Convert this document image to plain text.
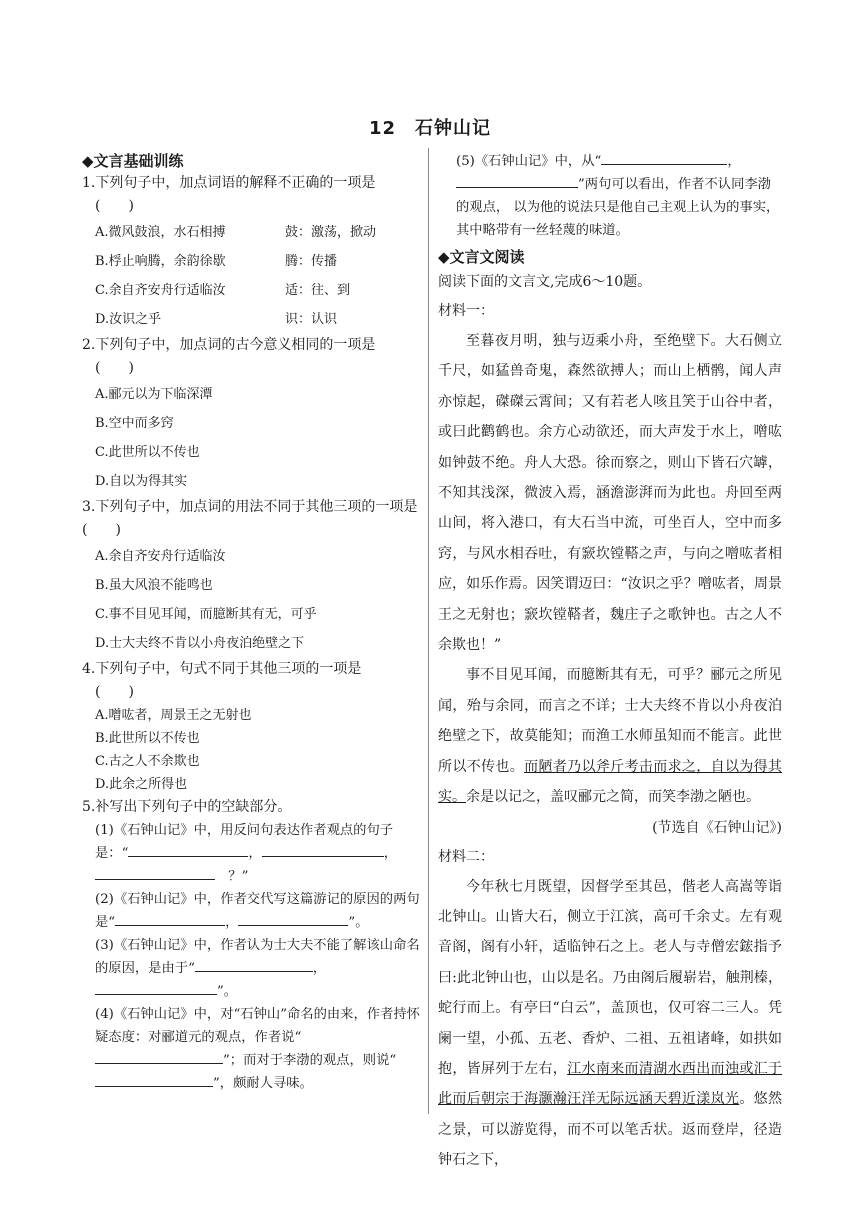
12　石钟山记

◆文言基础训练

1.下列句子中，加点词语的解释不正确的一项是

(　　)

A.微风鼓浪，水石相搏	鼓：激荡，掀动

B.桴止响腾，余韵徐歇	腾：传播

C.余自齐安舟行适临汝	适：往、到

D.汝识之乎	识：认识

2.下列句子中，加点词的古今意义相同的一项是

(　　)

A.郦元以为下临深潭

B.空中而多窍

C.此世所以不传也

D.自以为得其实

3.下列句子中，加点词的用法不同于其他三项的一项是(　　)

A.余自齐安舟行适临汝

B.虽大风浪不能鸣也

C.事不目见耳闻，而臆断其有无，可乎

D.士大夫终不肯以小舟夜泊绝壁之下

4.下列句子中，句式不同于其他三项的一项是

(　　)

A.噌吰者，周景王之无射也

B.此世所以不传也

C.古之人不余欺也

D.此余之所得也

5.补写出下列句子中的空缺部分。

(1)《石钟山记》中，用反问句表达作者观点的句子是：“	，	，　？”

(2)《石钟山记》中，作者交代写这篇游记的原因的两句是“	，	”。

(3)《石钟山记》中，作者认为士大夫不能了解该山命名的原因，是由于“	，”。

(4)《石钟山记》中，对“石钟山”命名的由来，作者持怀疑态度：对郦道元的观点，作者说“”；而对于李渤的观点，则说“”，颇耐人寻味。

(5)《石钟山记》中，从“	，”两句可以看出，作者不认同李渤的观点， 以为他的说法只是他自己主观上认为的事实，其中略带有一丝轻蔑的味道。

◆文言文阅读

阅读下面的文言文,完成6～10题。

材料一：

至暮夜月明，独与迈乘小舟，至绝壁下。大石侧立千尺，如猛兽奇鬼，森然欲搏人；而山上栖鹘，闻人声亦惊起，磔磔云霄间；又有若老人咳且笑于山谷中者，或曰此鹳鹤也。余方心动欲还，而大声发于水上，噌吰如钟鼓不绝。舟人大恐。徐而察之，则山下皆石穴罅，不知其浅深，微波入焉，涵澹澎湃而为此也。舟回至两山间，将入港口，有大石当中流，可坐百人，空中而多窍，与风水相吞吐，有窾坎镗鞳之声，与向之噌吰者相应，如乐作焉。因笑谓迈曰：“汝识之乎？噌吰者，周景王之无射也；窾坎镗鞳者，魏庄子之歌钟也。古之人不余欺也！”

事不目见耳闻，而臆断其有无，可乎？郦元之所见闻，殆与余同，而言之不详；士大夫终不肯以小舟夜泊绝壁之下，故莫能知；而渔工水师虽知而不能言。此世所以不传也。而陋者乃以斧斤考击而求之，自以为得其实。余是以记之，盖叹郦元之简，而笑李渤之陋也。

(节选自《石钟山记》)

材料二：

今年秋七月既望，因督学至其邑，偕老人高嵩等诣北钟山。山皆大石，侧立于江滨，高可千余丈。左有观音阁，阁有小轩，适临钟石之上。老人与寺僧宏鋐指予曰:此北钟山也，山以是名。乃由阁后履崭岩，触荆榛，蛇行而上。有亭曰“白云”，盖顶也，仅可容二三人。凭阑一望，小孤、五老、香炉、二祖、五祖诸峰，如拱如抱，皆屏列于左右，江水南来而清湖水西出而浊或汇于此而后朝宗于海灏瀚汪洋无际远涵天碧近漾岚光。悠然之景，可以游览得，而不可以笔舌状。返而登岸，径造钟石之下，
